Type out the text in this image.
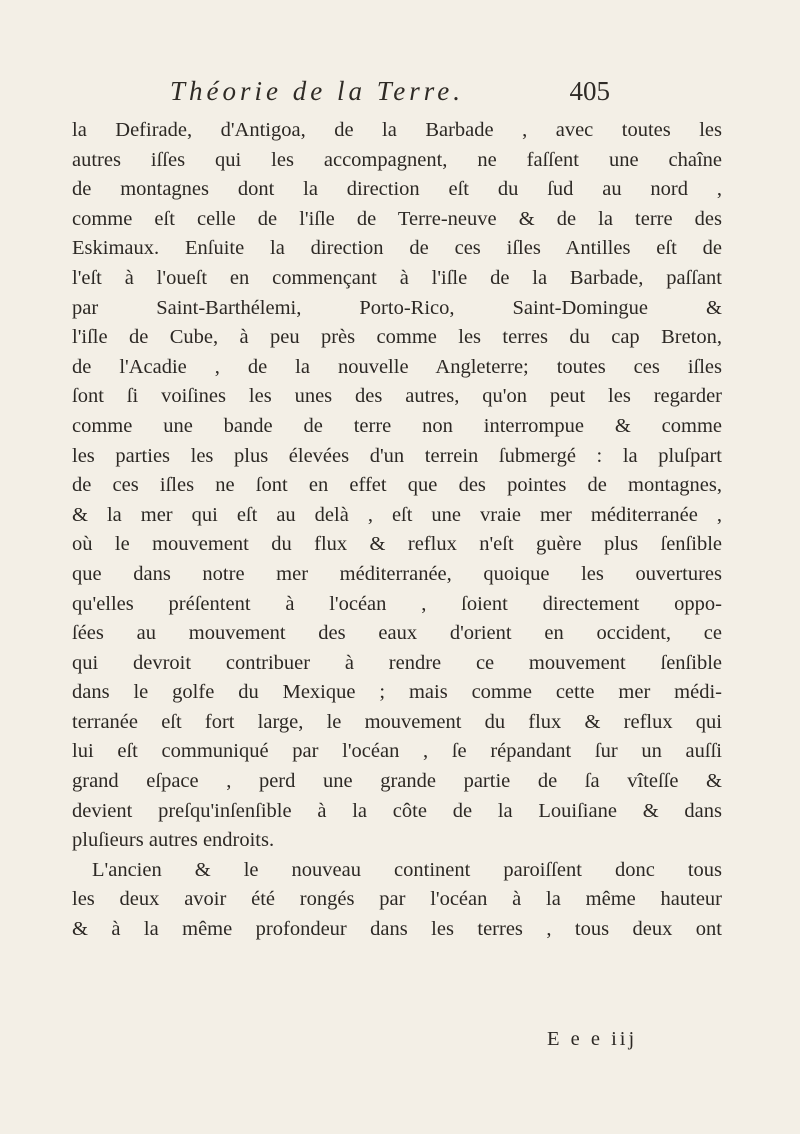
Théorie de la Terre.	405
la Defirade, d'Antigoa, de la Barbade , avec toutes les
autres iſſes qui les accompagnent, ne faſſent une chaîne
de montagnes dont la direction eſt du ſud au nord ,
comme eſt celle de l'iſle de Terre-neuve & de la terre des
Eskimaux. Enſuite la direction de ces iſles Antilles eſt de
l'eſt à l'oueſt en commençant à l'iſle de la Barbade, paſſant
par Saint-Barthélemi, Porto-Rico, Saint-Domingue &
l'iſle de Cube, à peu près comme les terres du cap Breton,
de l'Acadie , de la nouvelle Angleterre; toutes ces iſles
ſont ſi voiſines les unes des autres, qu'on peut les regarder
comme une bande de terre non interrompue & comme
les parties les plus élevées d'un terrein ſubmergé : la pluſpart
de ces iſles ne ſont en effet que des pointes de montagnes,
& la mer qui eſt au delà , eſt une vraie mer méditerranée ,
où le mouvement du flux & reflux n'eſt guère plus ſenſible
que dans notre mer méditerranée, quoique les ouvertures
qu'elles préſentent à l'océan , ſoient directement oppo-
ſées au mouvement des eaux d'orient en occident, ce
qui devroit contribuer à rendre ce mouvement ſenſible
dans le golfe du Mexique ; mais comme cette mer médi-
terranée eſt fort large, le mouvement du flux & reflux qui
lui eſt communiqué par l'océan , ſe répandant ſur un auſſi
grand eſpace , perd une grande partie de ſa vîteſſe &
devient preſqu'inſenſible à la côte de la Louiſiane & dans
pluſieurs autres endroits.
L'ancien & le nouveau continent paroiſſent donc tous
les deux avoir été rongés par l'océan à la même hauteur
& à la même profondeur dans les terres , tous deux ont
E e e iij
